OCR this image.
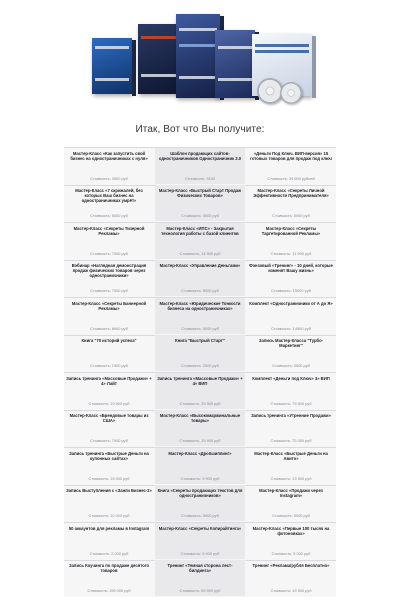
Итак, Вот что Вы получите:
Мастер-Класс «Как запустить свой бизнес на одностраничниках с нуля»
Стоимость: 3900 руб
Шаблон продающих сайтов-одностраничников Одностраничник 3.0
Стоимость: 3100
«Деньги Под Ключ. ВИП-версия» 15 готовых товаров для продаж под ключ
Стоимость: 39 693 рублей
Мастер-Класс «7 скрижалей, без которых Ваш бизнес на одностраничниках умрёт»
Стоимость: 5000 руб
Мастер-Класс «Быстрый Старт Продаж Физических Товаров»
Стоимость: 3000 руб
Мастер-Класс «Секреты Личной Эффективности Предпринимателя»
Стоимость: 5000 руб
Мастер-Класс «Секреты Тизерной Рекламы»
Стоимость: 7000 руб
Мастер-Класс «ИПС» - Закрытая технология работы с базой клиентов
Стоимость: 14 900 руб
Мастер-Класс «Секреты Таргетированной Рекламы»
Стоимость: 11 990 руб
Вэбинар «Наглядная демонстрация продаж физических товаров через одностраничники»
Стоимость: 7000 руб
Мастер-Класс «Управление Деньгами»
Стоимость: 5000 руб
Фэнзовый «Тренинг» - 10 дней, которые изменят Вашу жизнь»
Стоимость: 15000 руб
Мастер-Класс «Секреты Баннерной Рекламы»
Стоимость: 8900 руб
Мастер-Класс «Юридические Тонкости бизнеса на одностраничниках»
Стоимость: 5000 руб
Комплект «Одностраничники от А до Я»
Стоимость: 14900 руб
Книга "70 историй успеха"
Стоимость: 1900 руб
Книга "Быстрый Старт"
Стоимость: 2500 руб
Запись Мастер-Класса "Турбо-Маркетинг"
Стоимость: 3500 руб
Запись тренинга «Массовые Продажи» + 4» Лайт
Стоимость: 19 900 руб
Запись тренинга «Массовые Продажи» + 4» ВИП
Стоимость: 39 900 руб
Комплект «Деньги под Ключ» 3» ВИП
Стоимость: 79 900 руб
Мастер-Класс «Брендовые товары из США»
Стоимость: 7900 руб
Мастер-Класс «Высокомаржинальные товары»
Стоимость: 15 900 руб
Запись тренинга «Утренние Продажи»
Стоимость: 75 000 руб
Запись тренинга «Быстрые Деньги на купонных сайтах»
Стоимость: 15 000 руб
Мастер-Класс «Дропшиппинг»
Стоимость: 9 900 руб
Мастер-Класс «Быстрые Деньги на Авито»
Стоимость: 13 900 руб
Запись Выступления с «Зажги Бизнес-2»
Стоимость: 10 000 руб
Книга «Секреты продающих текстов для одностраничников»
Стоимость: 3900 руб
Мастер-Класс «Продажи через Instagram»
Стоимость: 5000 руб
50 аккаунтов для рекламы в Instagram
Стоимость: 2 000 руб
Мастер-Класс «Секреты Копирайтинга»
Стоимость: 5 900 руб
Мастер-Класс «Первые 100 тысяч на фотоновках»
Стоимость: 9 000 руб
Запись Коучинга по продаже десятого товаров
Стоимость: 199 000 руб
Тренинг «Темная сторона лест-билдинга»
Стоимость: 59 900 руб
Тренинг «Реклама/рубля Бесплатно»
Стоимость: 19 900 руб
